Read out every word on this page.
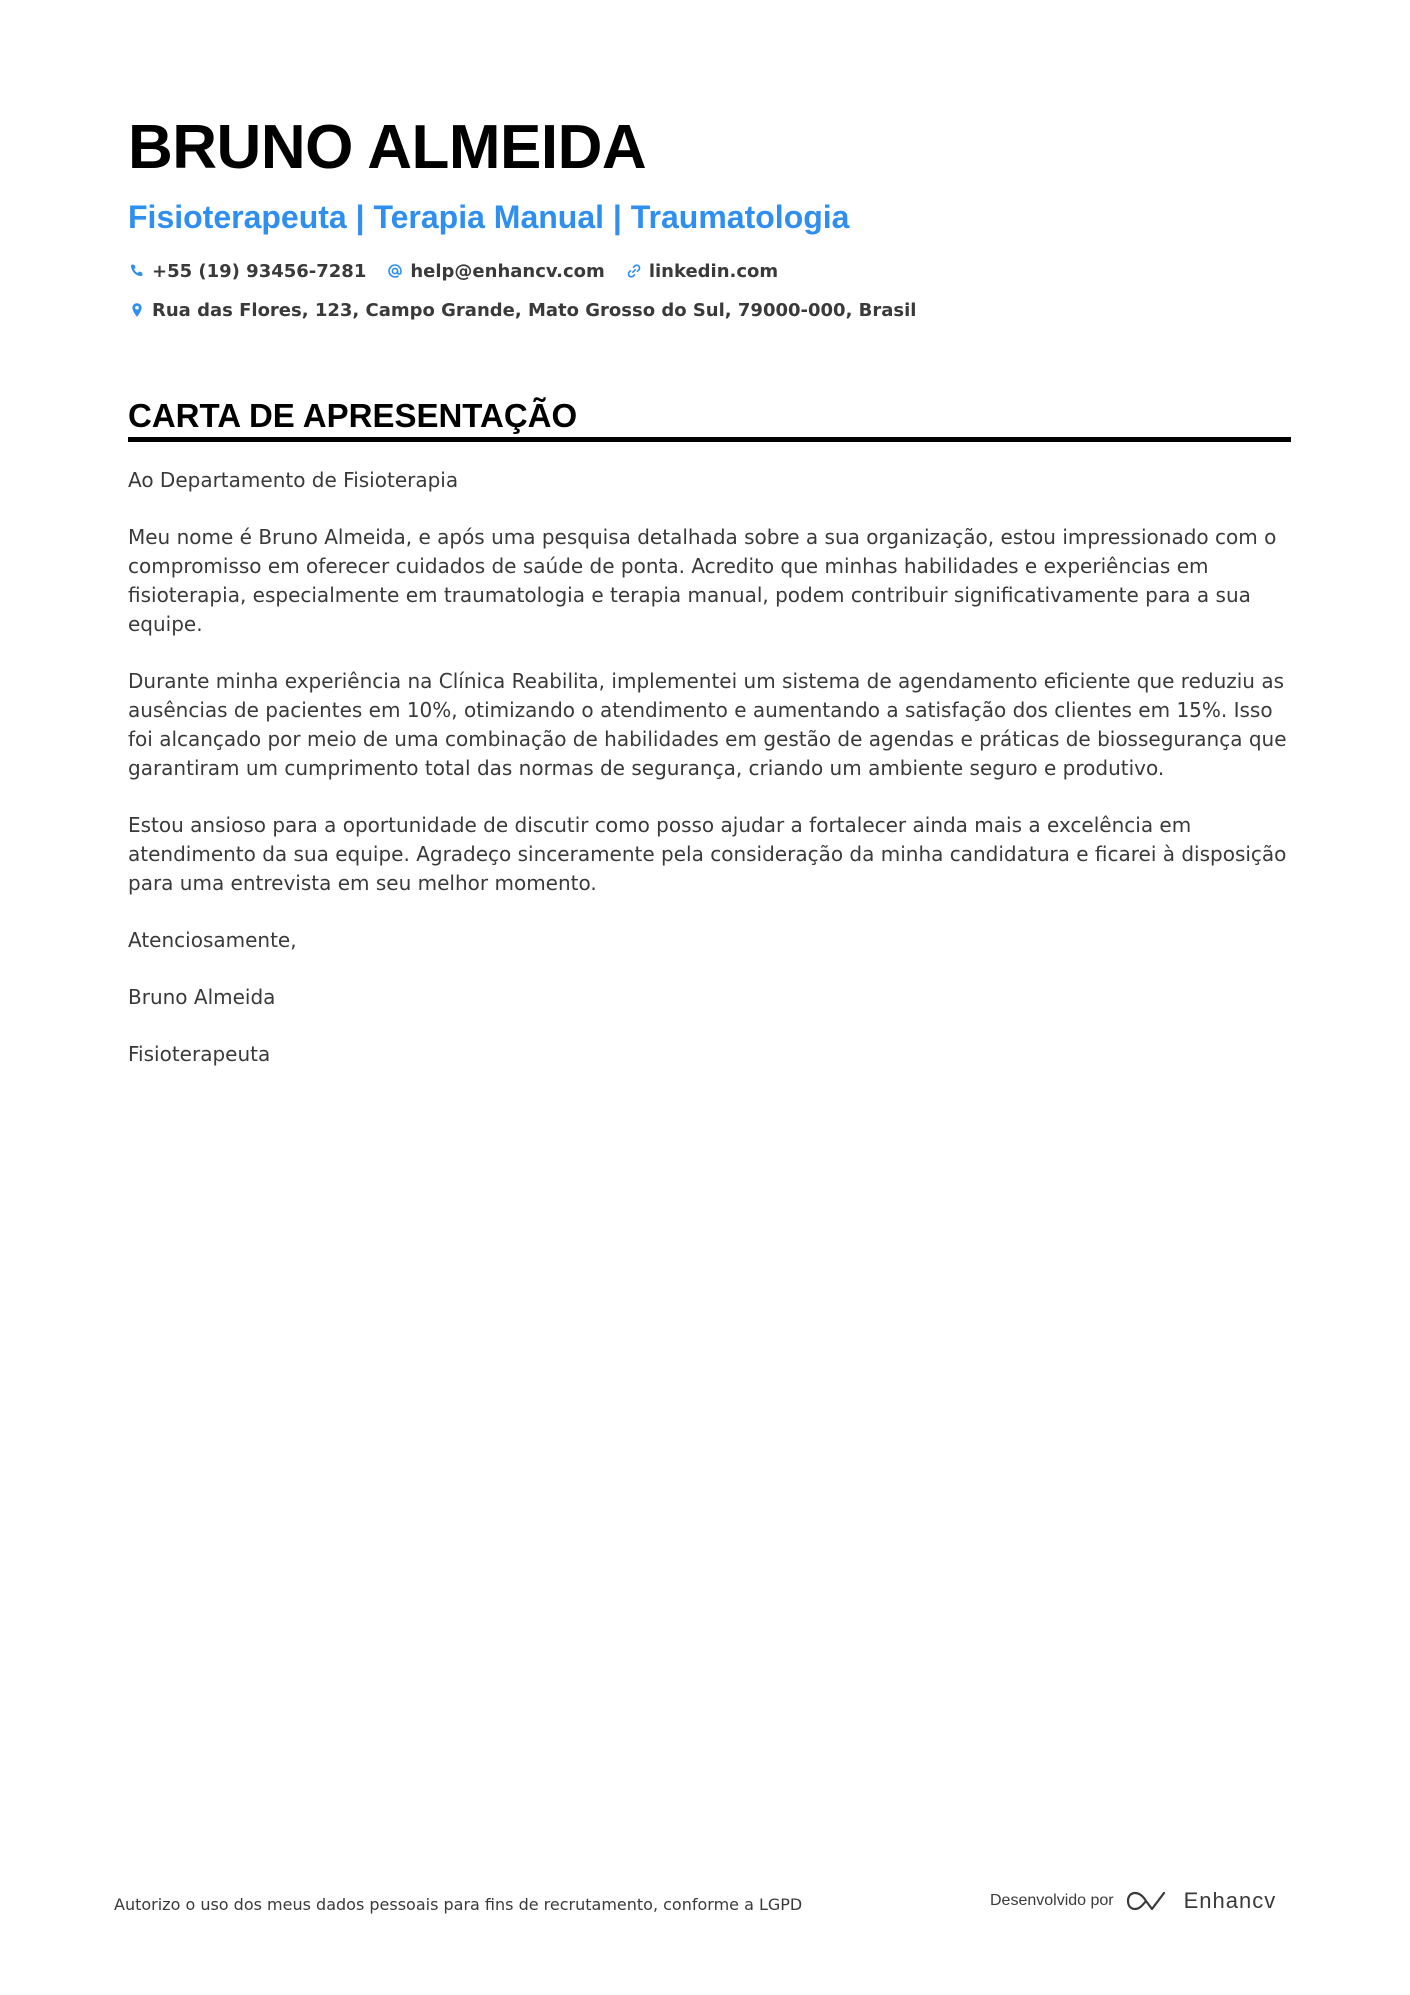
BRUNO ALMEIDA
Fisioterapeuta | Terapia Manual | Traumatologia
+55 (19) 93456-7281 help@enhancv.com linkedin.com
Rua das Flores, 123, Campo Grande, Mato Grosso do Sul, 79000-000, Brasil
CARTA DE APRESENTAÇÃO

Ao Departamento de Fisioterapia

Meu nome é Bruno Almeida, e após uma pesquisa detalhada sobre a sua organização, estou impressionado com o compromisso em oferecer cuidados de saúde de ponta. Acredito que minhas habilidades e experiências em fisioterapia, especialmente em traumatologia e terapia manual, podem contribuir significativamente para a sua equipe.

Durante minha experiência na Clínica Reabilita, implementei um sistema de agendamento eficiente que reduziu as ausências de pacientes em 10%, otimizando o atendimento e aumentando a satisfação dos clientes em 15%. Isso foi alcançado por meio de uma combinação de habilidades em gestão de agendas e práticas de biossegurança que garantiram um cumprimento total das normas de segurança, criando um ambiente seguro e produtivo.

Estou ansioso para a oportunidade de discutir como posso ajudar a fortalecer ainda mais a excelência em atendimento da sua equipe. Agradeço sinceramente pela consideração da minha candidatura e ficarei à disposição para uma entrevista em seu melhor momento.

Atenciosamente,

Bruno Almeida

Fisioterapeuta

Autorizo o uso dos meus dados pessoais para fins de recrutamento, conforme a LGPD	Desenvolvido por	Enhancv
